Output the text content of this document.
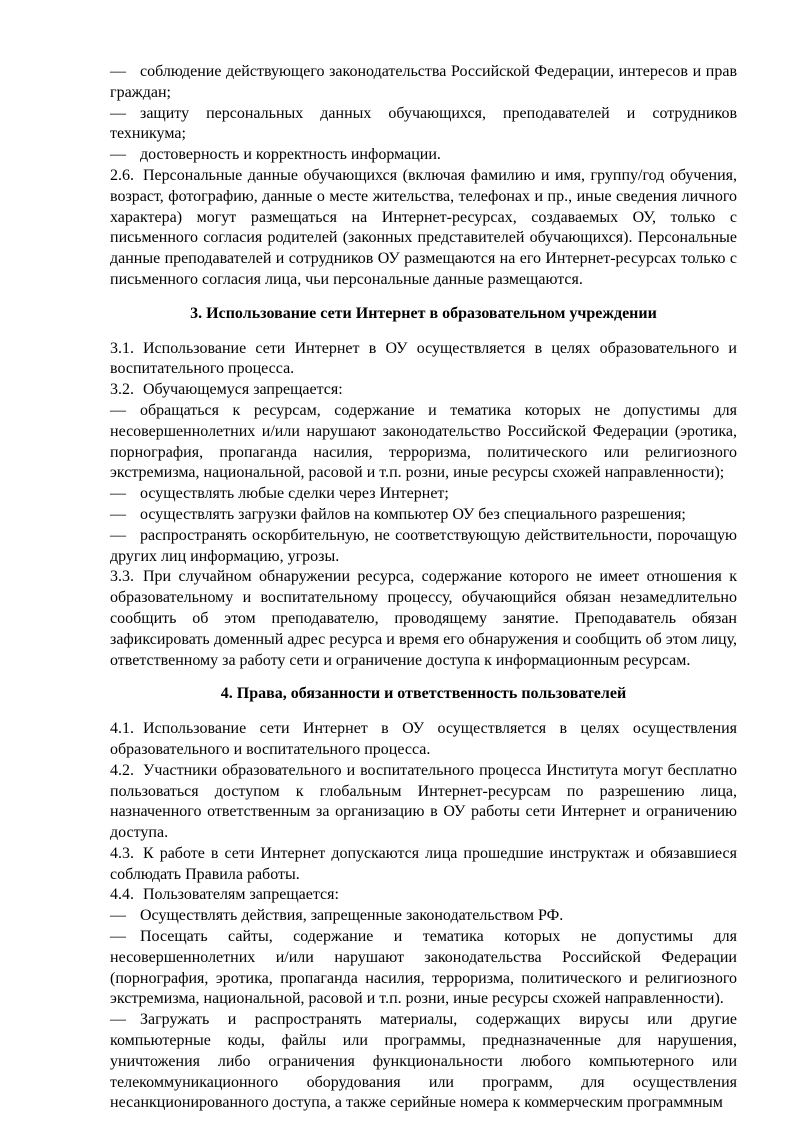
— соблюдение действующего законодательства Российской Федерации, интересов и прав граждан;

— защиту персональных данных обучающихся, преподавателей и сотрудников техникума;

— достоверность и корректность информации.

2.6. Персональные данные обучающихся (включая фамилию и имя, группу/год обучения, возраст, фотографию, данные о месте жительства, телефонах и пр., иные сведения личного характера) могут размещаться на Интернет-ресурсах, создаваемых ОУ, только с письменного согласия родителей (законных представителей обучающихся). Персональные данные преподавателей и сотрудников ОУ размещаются на его Интернет-ресурсах только с письменного согласия лица, чьи персональные данные размещаются.

3. Использование сети Интернет в образовательном учреждении

3.1. Использование сети Интернет в ОУ осуществляется в целях образовательного и воспитательного процесса.

3.2. Обучающемуся запрещается:

— обращаться к ресурсам, содержание и тематика которых не допустимы для несовершеннолетних и/или нарушают законодательство Российской Федерации (эротика, порнография, пропаганда насилия, терроризма, политического или религиозного экстремизма, национальной, расовой и т.п. розни, иные ресурсы схожей направленности);

— осуществлять любые сделки через Интернет;

— осуществлять загрузки файлов на компьютер ОУ без специального разрешения;

— распространять оскорбительную, не соответствующую действительности, порочащую других лиц информацию, угрозы.

3.3. При случайном обнаружении ресурса, содержание которого не имеет отношения к образовательному и воспитательному процессу, обучающийся обязан незамедлительно сообщить об этом преподавателю, проводящему занятие. Преподаватель обязан зафиксировать доменный адрес ресурса и время его обнаружения и сообщить об этом лицу, ответственному за работу сети и ограничение доступа к информационным ресурсам.

4. Права, обязанности и ответственность пользователей

4.1. Использование сети Интернет в ОУ осуществляется в целях осуществления образовательного и воспитательного процесса.

4.2. Участники образовательного и воспитательного процесса Института могут бесплатно пользоваться доступом к глобальным Интернет-ресурсам по разрешению лица, назначенного ответственным за организацию в ОУ работы сети Интернет и ограничению доступа.

4.3. К работе в сети Интернет допускаются лица прошедшие инструктаж и обязавшиеся соблюдать Правила работы.

4.4. Пользователям запрещается:

— Осуществлять действия, запрещенные законодательством РФ.

— Посещать сайты, содержание и тематика которых не допустимы для несовершеннолетних и/или нарушают законодательства Российской Федерации (порнография, эротика, пропаганда насилия, терроризма, политического и религиозного экстремизма, национальной, расовой и т.п. розни, иные ресурсы схожей направленности).

— Загружать и распространять материалы, содержащих вирусы или другие компьютерные коды, файлы или программы, предназначенные для нарушения, уничтожения либо ограничения функциональности любого компьютерного или телекоммуникационного оборудования или программ, для осуществления несанкционированного доступа, а также серийные номера к коммерческим программным
